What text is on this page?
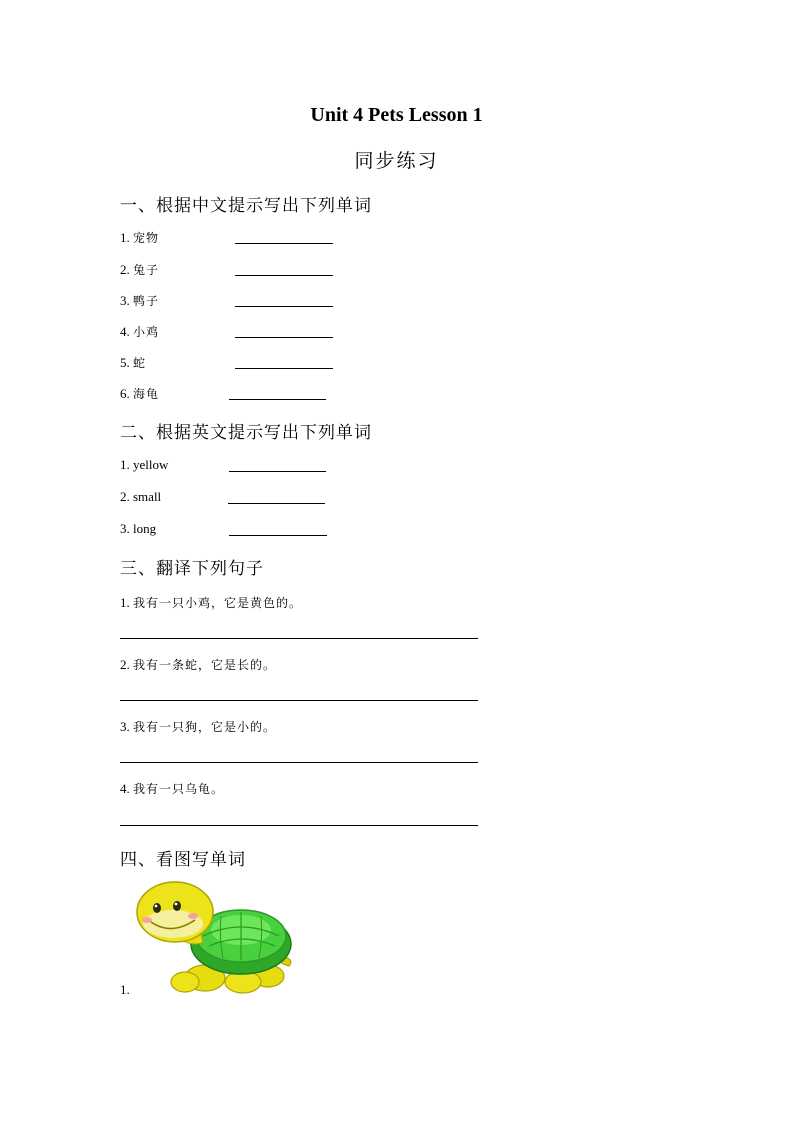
Unit 4 Pets Lesson 1
同步练习
一、根据中文提示写出下列单词
1. 宠物
2. 兔子
3. 鸭子
4. 小鸡
5. 蛇
6. 海龟
二、根据英文提示写出下列单词
1. yellow
2. small
3. long
三、翻译下列句子
1. 我有一只小鸡，它是黄色的。
2. 我有一条蛇，它是长的。
3. 我有一只狗，它是小的。
4. 我有一只乌龟。
四、看图写单词
1.
